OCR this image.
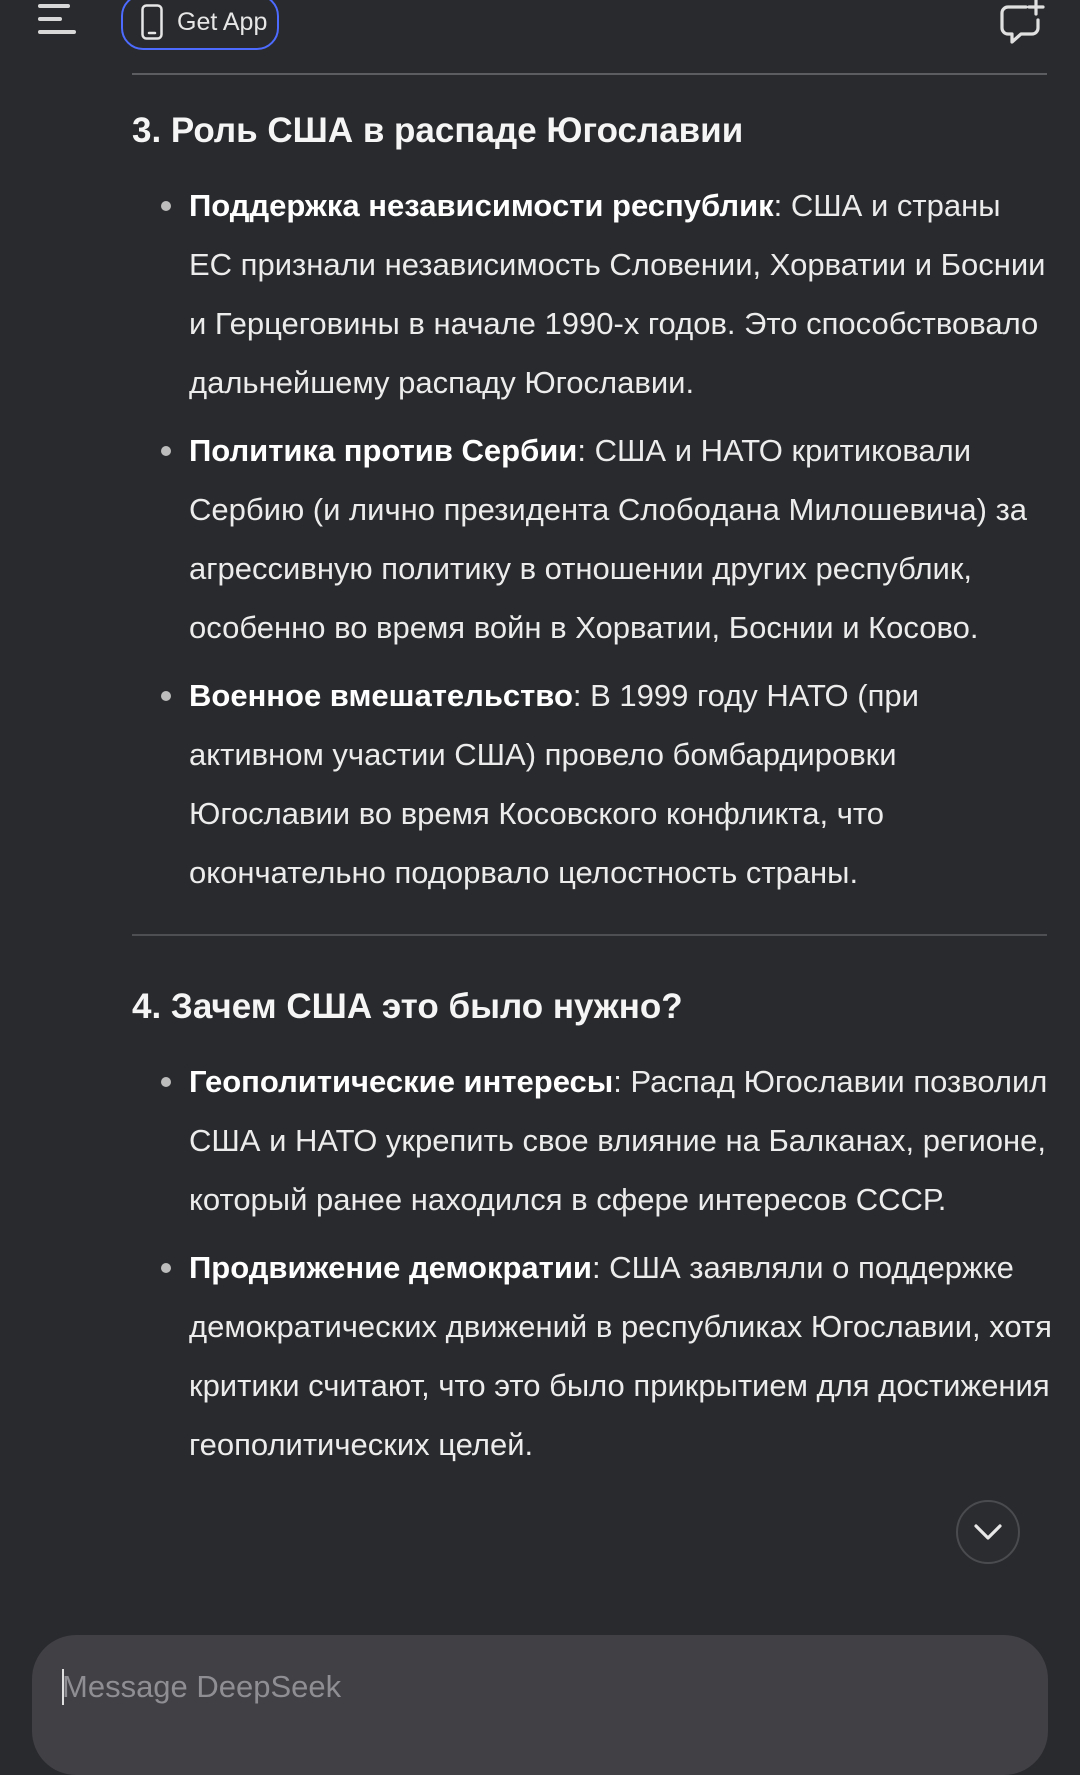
Get App
3. Роль США в распаде Югославии
Поддержка независимости республик: США и страны ЕС признали независимость Словении, Хорватии и Боснии и Герцеговины в начале 1990-х годов. Это способствовало дальнейшему распаду Югославии.
Политика против Сербии: США и НАТО критиковали Сербию (и лично президента Слободана Милошевича) за агрессивную политику в отношении других республик, особенно во время войн в Хорватии, Боснии и Косово.
Военное вмешательство: В 1999 году НАТО (при активном участии США) провело бомбардировки Югославии во время Косовского конфликта, что окончательно подорвало целостность страны.
4. Зачем США это было нужно?
Геополитические интересы: Распад Югославии позволил США и НАТО укрепить свое влияние на Балканах, регионе, который ранее находился в сфере интересов СССР.
Продвижение демократии: США заявляли о поддержке демократических движений в республиках Югославии, хотя критики считают, что это было прикрытием для достижения геополитических целей.
Message DeepSeek
